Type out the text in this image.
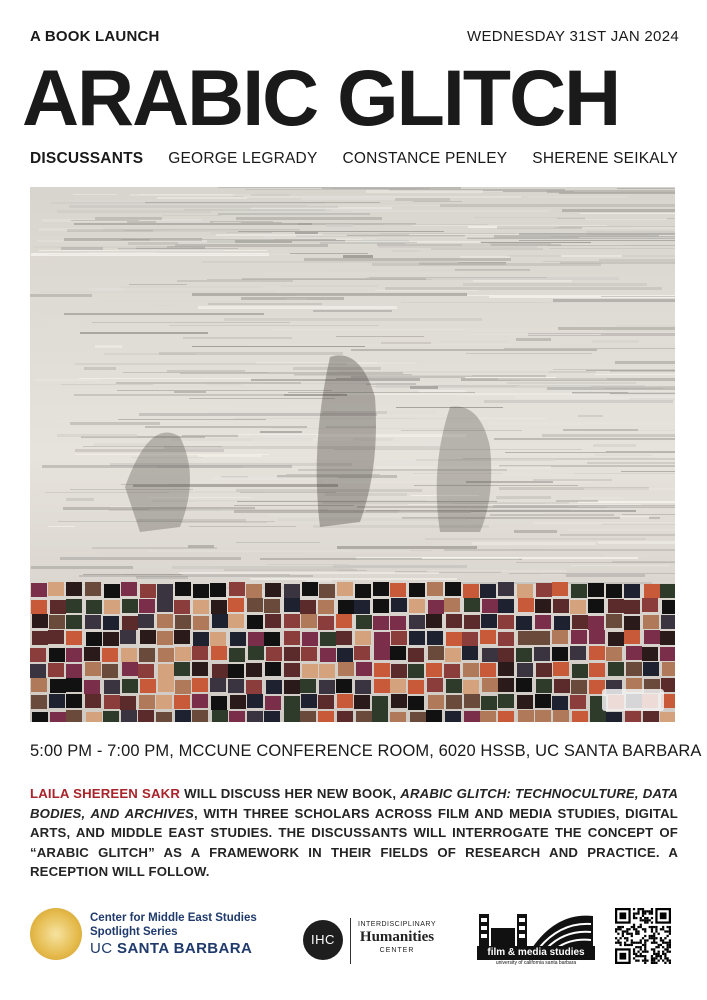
A BOOK LAUNCH	WEDNESDAY 31ST JAN 2024
ARABIC GLITCH
DISCUSSANTS GEORGE LEGRADY CONSTANCE PENLEY SHERENE SEIKALY
5:00 PM - 7:00 PM, MCCUNE CONFERENCE ROOM, 6020 HSSB, UC SANTA BARBARA
LAILA SHEREEN SAKR WILL DISCUSS HER NEW BOOK, ARABIC GLITCH: TECHNOCULTURE, DATA BODIES, AND ARCHIVES, WITH THREE SCHOLARS ACROSS FILM AND MEDIA STUDIES, DIGITAL ARTS, AND MIDDLE EAST STUDIES. THE DISCUSSANTS WILL INTERROGATE THE CONCEPT OF “ARABIC GLITCH” AS A FRAMEWORK IN THEIR FIELDS OF RESEARCH AND PRACTICE. A RECEPTION WILL FOLLOW.
Center for Middle East Studies
Spotlight Series
UC SANTA BARBARA
IHC
INTERDISCIPLINARY
Humanities
CENTER	film & media studies
university of california santa barbara
